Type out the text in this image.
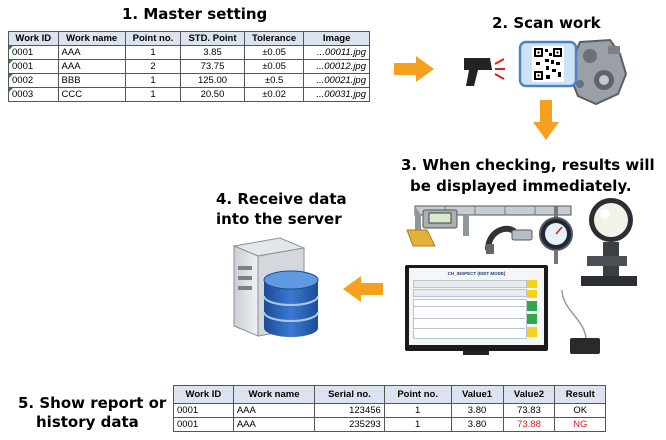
1. Master setting
Work ID	Work name	Point no.	STD. Point	Tolerance	Image
0001	AAA	1	3.85	±0.05	...00011.jpg
0001	AAA	2	73.75	±0.05	...00012.jpg
0002	BBB	1	125.00	±0.5	...00021.jpg
0003	CCC	1	20.50	±0.02	...00031.jpg
2. Scan work
3. When checking, results will
be displayed immediately.
CH_INSPECT (EDIT MODE)
4. Receive data
into the server
5. Show report or
history data
Work ID	Work name	Serial no.	Point no.	Value1	Value2	Result
0001	AAA	123456	1	3.80	73.83	OK
0001	AAA	235293	1	3.80	73.88	NG
